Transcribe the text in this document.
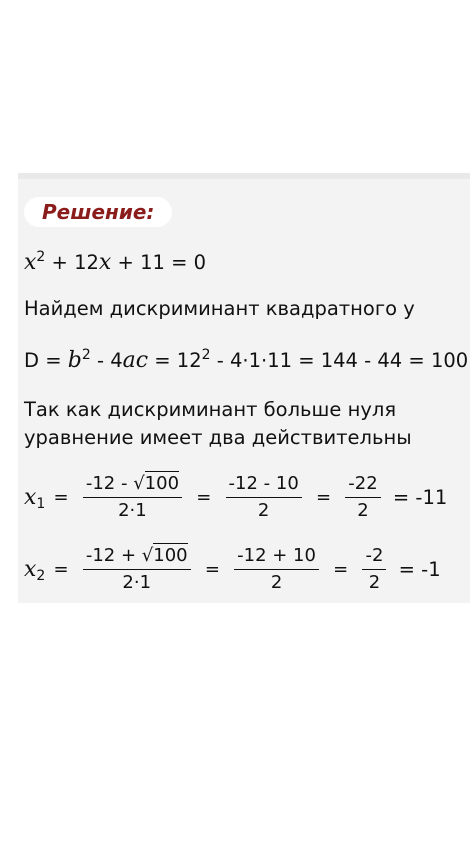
Решение:
$x^2 + 12x + 11 = 0$
Найдем дискриминант квадратного у
$D = b^2 - 4ac = 12^2 - 4\cdot 1\cdot 11 = 144 - 44 = 100$
Так как дискриминант больше нуля
уравнение имеет два действительны
$x_1 = \frac{-12 - √100}{2\cdot 1} = \frac{-12 - 10}{2} = \frac{-22}{2} = -11$
$x_2 = \frac{-12 + √100}{2\cdot 1} = \frac{-12 + 10}{2} = \frac{-2}{2} = -1$
